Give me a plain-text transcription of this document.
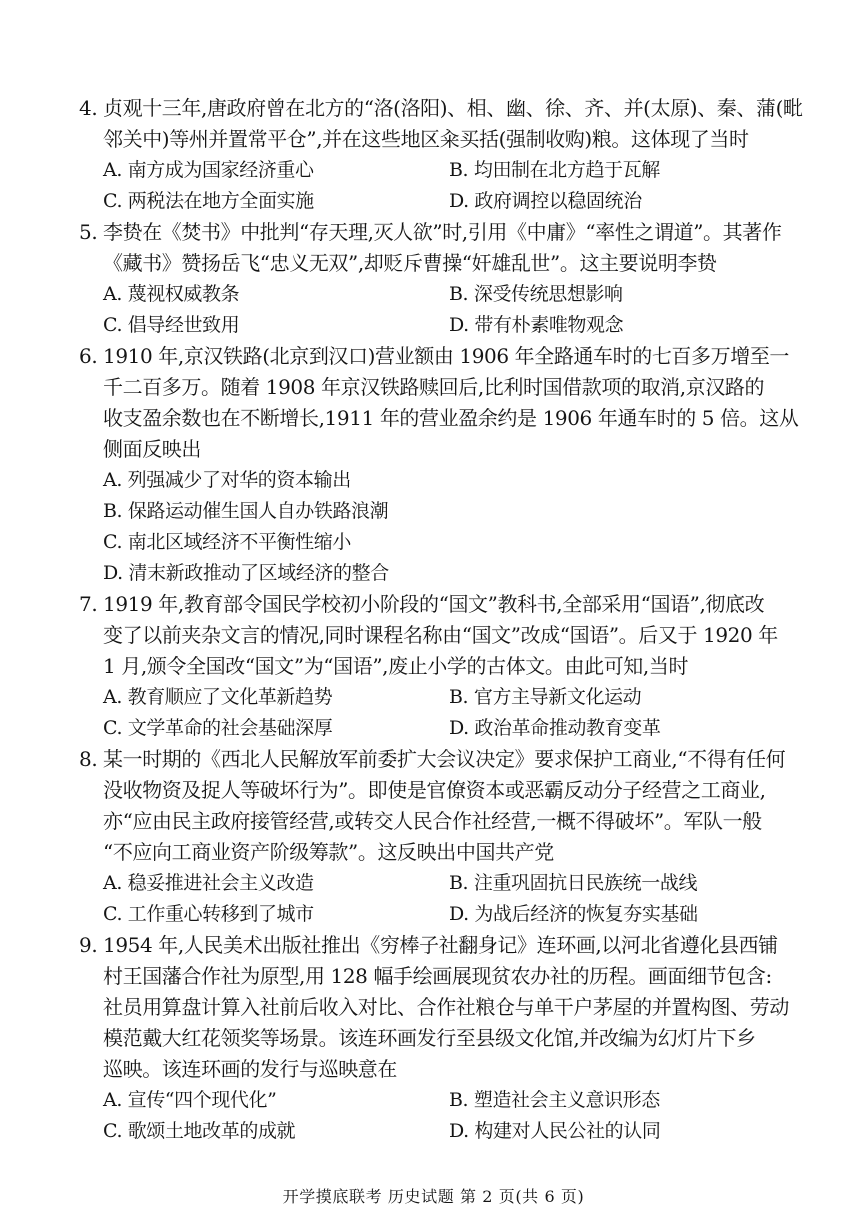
4. 贞观十三年,唐政府曾在北方的“洛(洛阳)、相、幽、徐、齐、并(太原)、秦、蒲(毗
邻关中)等州并置常平仓”,并在这些地区籴买括(强制收购)粮。这体现了当时
A. 南方成为国家经济重心	B. 均田制在北方趋于瓦解
C. 两税法在地方全面实施	D. 政府调控以稳固统治
5. 李贽在《焚书》中批判“存天理,灭人欲”时,引用《中庸》“率性之谓道”。其著作
《藏书》赞扬岳飞“忠义无双”,却贬斥曹操“奸雄乱世”。这主要说明李贽
A. 蔑视权威教条	B. 深受传统思想影响
C. 倡导经世致用	D. 带有朴素唯物观念
6. 1910 年,京汉铁路(北京到汉口)营业额由 1906 年全路通车时的七百多万增至一
千二百多万。随着 1908 年京汉铁路赎回后,比利时国借款项的取消,京汉路的
收支盈余数也在不断增长,1911 年的营业盈余约是 1906 年通车时的 5 倍。这从
侧面反映出
A. 列强减少了对华的资本输出
B. 保路运动催生国人自办铁路浪潮
C. 南北区域经济不平衡性缩小
D. 清末新政推动了区域经济的整合
7. 1919 年,教育部令国民学校初小阶段的“国文”教科书,全部采用“国语”,彻底改
变了以前夹杂文言的情况,同时课程名称由“国文”改成“国语”。后又于 1920 年
1 月,颁令全国改“国文”为“国语”,废止小学的古体文。由此可知,当时
A. 教育顺应了文化革新趋势	B. 官方主导新文化运动
C. 文学革命的社会基础深厚	D. 政治革命推动教育变革
8. 某一时期的《西北人民解放军前委扩大会议决定》要求保护工商业,“不得有任何
没收物资及捉人等破坏行为”。即使是官僚资本或恶霸反动分子经营之工商业,
亦“应由民主政府接管经营,或转交人民合作社经营,一概不得破坏”。军队一般
“不应向工商业资产阶级筹款”。这反映出中国共产党
A. 稳妥推进社会主义改造	B. 注重巩固抗日民族统一战线
C. 工作重心转移到了城市	D. 为战后经济的恢复夯实基础
9. 1954 年,人民美术出版社推出《穷棒子社翻身记》连环画,以河北省遵化县西铺
村王国藩合作社为原型,用 128 幅手绘画展现贫农办社的历程。画面细节包含:
社员用算盘计算入社前后收入对比、合作社粮仓与单干户茅屋的并置构图、劳动
模范戴大红花领奖等场景。该连环画发行至县级文化馆,并改编为幻灯片下乡
巡映。该连环画的发行与巡映意在
A. 宣传“四个现代化”	B. 塑造社会主义意识形态
C. 歌颂土地改革的成就	D. 构建对人民公社的认同
开学摸底联考 历史试题 第 2 页(共 6 页)
